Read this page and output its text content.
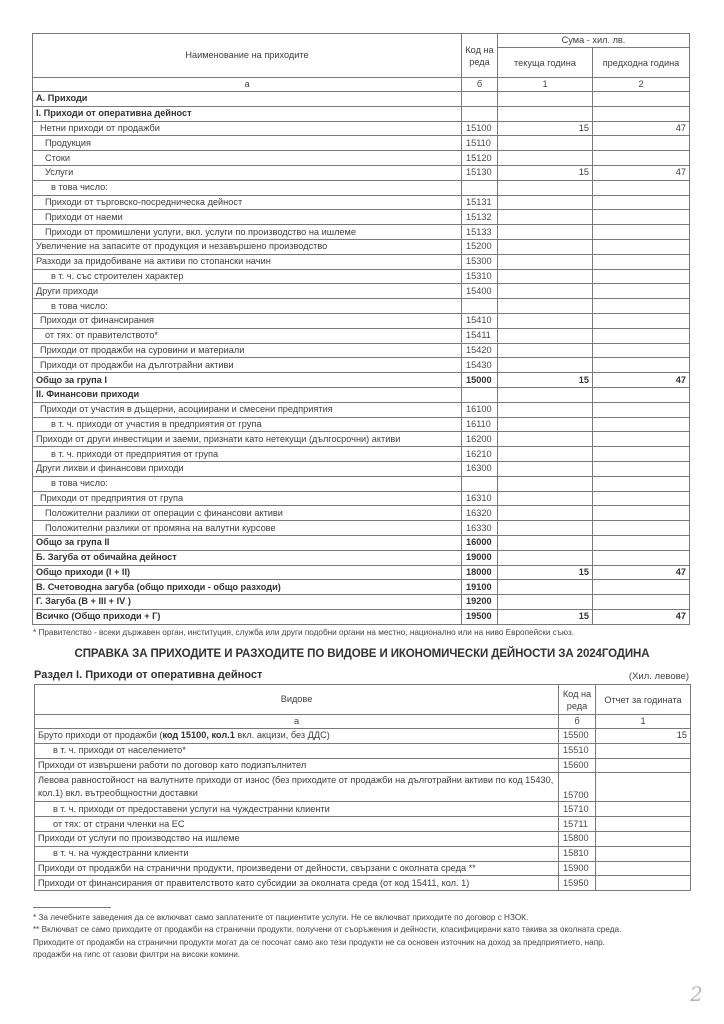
Наименование на приходите	Код на реда	Сума - хил. лв.	
		текуща година	предходна година
а	б	1	2
А. Приходи			
I. Приходи от оперативна дейност			
Нетни приходи от продажби	15100	15	47
Продукция	15110		
Стоки	15120		
Услуги	15130	15	47
в това число:			
Приходи от търговско-посредническа дейност	15131		
Приходи от наеми	15132		
Приходи от промишлени услуги, вкл. услуги по производство на ишлеме	15133		
Увеличение на запасите от продукция и незавършено производство	15200		
Разходи за придобиване на активи по стопански начин	15300		
в т. ч. със строителен характер	15310		
Други приходи	15400		
в това число:			
Приходи от финансирания	15410		
от тях: от правителството*	15411		
Приходи от продажби на суровини и материали	15420		
Приходи от продажби на дълготрайни активи	15430		
Общо за група I	15000	15	47
II. Финансови приходи			
Приходи от участия в дъщерни, асоциирани и смесени предприятия	16100		
в т. ч. приходи от участия в предприятия от група	16110		
Приходи от други инвестиции и заеми, признати като нетекущи (дългосрочни) активи	16200		
в т. ч. приходи от предприятия от група	16210		
Други лихви и финансови приходи	16300		
в това число:			
Приходи от предприятия от група	16310		
Положителни разлики от операции с финансови активи	16320		
Положителни разлики от промяна на валутни курсове	16330		
Общо за група II	16000		
Б. Загуба от обичайна дейност	19000		
Общо приходи (I + II)	18000	15	47
В. Счетоводна загуба (общо приходи - общо разходи)	19100		
Г. Загуба (В + III + IV )	19200		
Всичко (Общо приходи + Г)	19500	15	47
* Правителство - всеки държавен орган, институция, служба или други подобни органи на местно, национално или на ниво Европейски съюз.
СПРАВКА ЗА ПРИХОДИТЕ И РАЗХОДИТЕ ПО ВИДОВЕ И ИКОНОМИЧЕСКИ ДЕЙНОСТИ ЗА 2024ГОДИНА
Раздел I. Приходи от оперативна дейност	(Хил. левове)
Видове	Код на реда	Отчет за годината
а	б	1
Бруто приходи от продажби (код 15100, кол.1 вкл. акцизи, без ДДС)	15500	15
в т. ч. приходи от населението*	15510	
Приходи от извършени работи по договор като подизпълнител	15600	
Левова равностойност на валутните приходи от износ (без приходите от продажби на дълготрайни активи по код 15430, кол.1) вкл. вътреобщностни доставки	15700	
в т. ч. приходи от предоставени услуги на чуждестранни клиенти	15710	
от тях: от страни членки на ЕС	15711	
Приходи от услуги по производство на ишлеме	15800	
в т. ч. на чуждестранни клиенти	15810	
Приходи от продажби на странични продукти, произведени от дейности, свързани с околната среда **	15900	
Приходи от финансирания от правителството като субсидии за околната среда (от код 15411, кол. 1)	15950	

* За лечебните заведения да се включват само заплатените от пациентите услуги. Не се включват приходите по договор с НЗОК.

** Включват се само приходите от продажби на странични продукти, получени от съоръжения и дейности, класифицирани като такива за околната среда.

Приходите от продажби на странични продукти могат да се посочат само ако тези продукти не са основен източник на доход за предприятието, напр.

продажби на гипс от газови филтри на високи комини.

2
